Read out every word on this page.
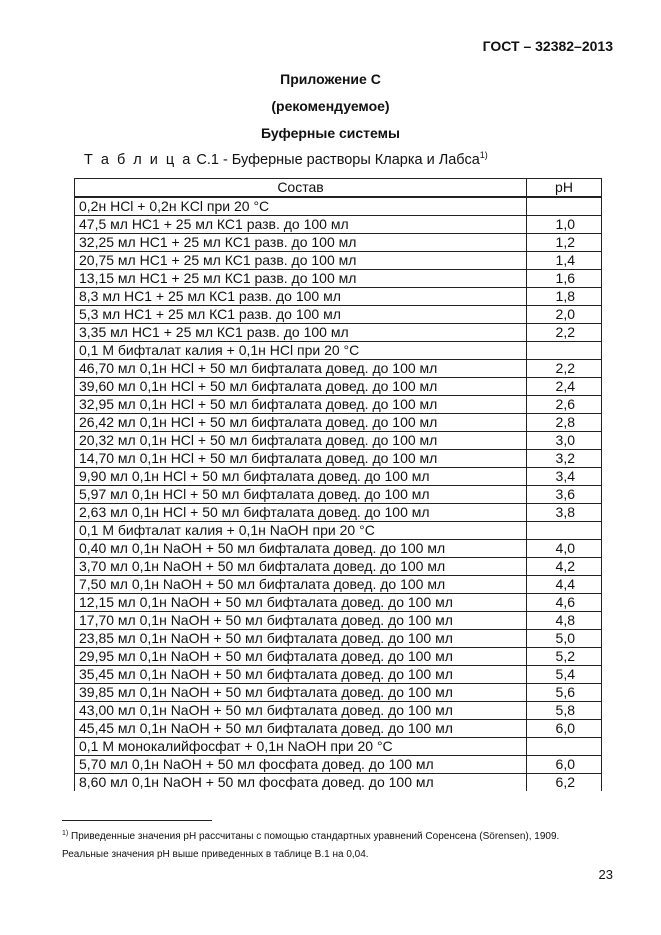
ГОСТ – 32382–2013
Приложение С
(рекомендуемое)
Буферные системы
Т а б л и ц а С.1 - Буферные растворы Кларка и Лабса$^{1)}$
Состав	pH
0,2н HCl + 0,2н KCl при 20 °C	
47,5 мл НС1 + 25 мл КС1 разв. до 100 мл	1,0
32,25 мл НС1 + 25 мл КС1 разв. до 100 мл	1,2
20,75 мл НС1 + 25 мл КС1 разв. до 100 мл	1,4
13,15 мл НС1 + 25 мл КС1 разв. до 100 мл	1,6
8,3 мл НС1 + 25 мл КС1 разв. до 100 мл	1,8
5,3 мл НС1 + 25 мл КС1 разв. до 100 мл	2,0
3,35 мл НС1 + 25 мл КС1 разв. до 100 мл	2,2
0,1 М бифталат калия + 0,1н HCl при 20 °C	
46,70 мл 0,1н HCl + 50 мл бифталата довед. до 100 мл	2,2
39,60 мл 0,1н HCl + 50 мл бифталата довед. до 100 мл	2,4
32,95 мл 0,1н HCl + 50 мл бифталата довед. до 100 мл	2,6
26,42 мл 0,1н HCl + 50 мл бифталата довед. до 100 мл	2,8
20,32 мл 0,1н HCl + 50 мл бифталата довед. до 100 мл	3,0
14,70 мл 0,1н HCl + 50 мл бифталата довед. до 100 мл	3,2
9,90 мл 0,1н HCl + 50 мл бифталата довед. до 100 мл	3,4
5,97 мл 0,1н HCl + 50 мл бифталата довед. до 100 мл	3,6
2,63 мл 0,1н HCl + 50 мл бифталата довед. до 100 мл	3,8
0,1 М бифталат калия + 0,1н NaOH при 20 °C	
0,40 мл 0,1н NaOH + 50 мл бифталата довед. до 100 мл	4,0
3,70 мл 0,1н NaOH + 50 мл бифталата довед. до 100 мл	4,2
7,50 мл 0,1н NaOH + 50 мл бифталата довед. до 100 мл	4,4
12,15 мл 0,1н NaOH + 50 мл бифталата довед. до 100 мл	4,6
17,70 мл 0,1н NaOH + 50 мл бифталата довед. до 100 мл	4,8
23,85 мл 0,1н NaOH + 50 мл бифталата довед. до 100 мл	5,0
29,95 мл 0,1н NaOH + 50 мл бифталата довед. до 100 мл	5,2
35,45 мл 0,1н NaOH + 50 мл бифталата довед. до 100 мл	5,4
39,85 мл 0,1н NaOH + 50 мл бифталата довед. до 100 мл	5,6
43,00 мл 0,1н NaOH + 50 мл бифталата довед. до 100 мл	5,8
45,45 мл 0,1н NaOH + 50 мл бифталата довед. до 100 мл	6,0
0,1 М монокалийфосфат + 0,1н NaOH при 20 °C	
5,70 мл 0,1н NaOH + 50 мл фосфата довед. до 100 мл	6,0
8,60 мл 0,1н NaOH + 50 мл фосфата довед. до 100 мл	6,2
$^{1)}$ Приведенные значения pH рассчитаны с помощью стандартных уравнений Соренсена (Sörensen), 1909. Реальные значения pH выше приведенных в таблице В.1 на 0,04.
23
